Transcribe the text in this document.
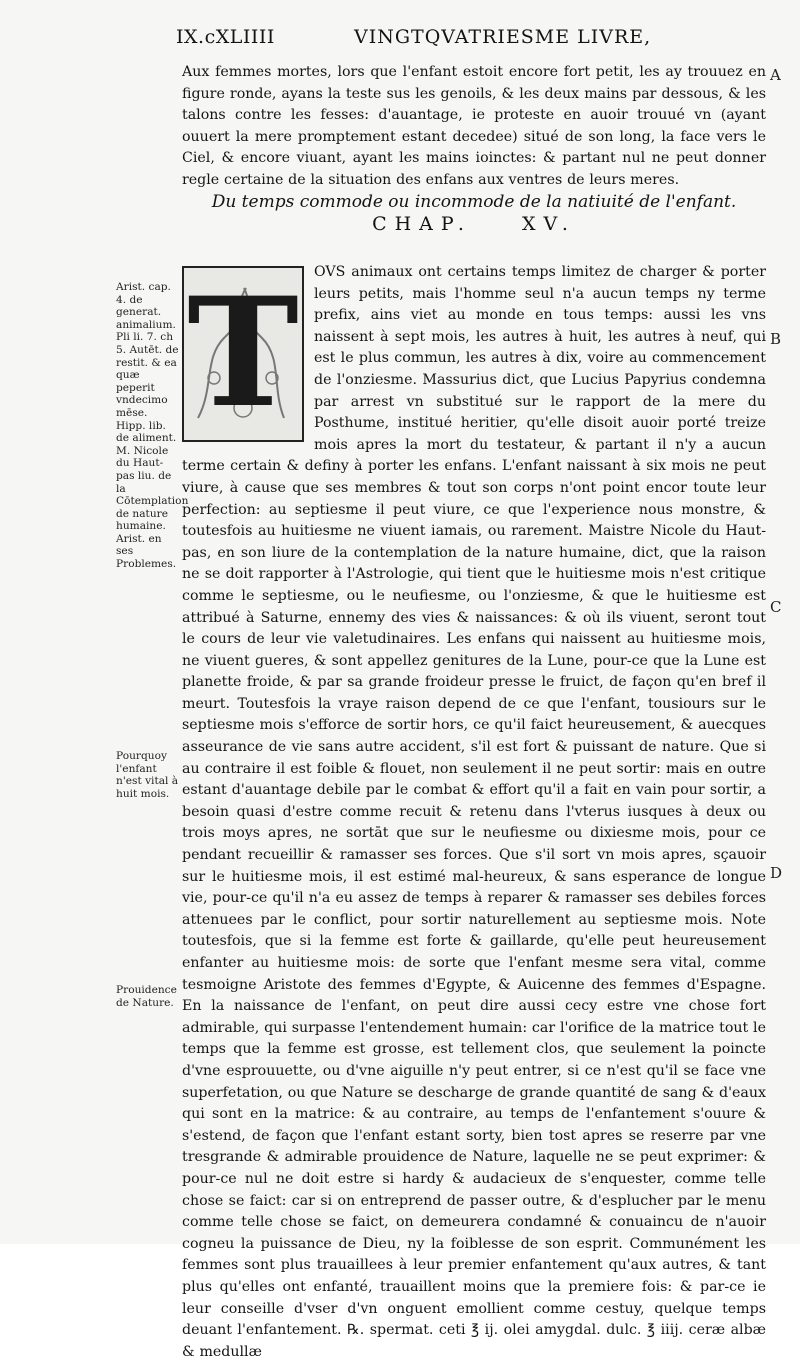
IX.cXLIIII	VINGTQVATRIESME LIVRE,
Aux femmes mortes, lors que l'enfant estoit encore fort petit, les ay trouuez en figure ronde, ayans la teste sus les genoils, & les deux mains par dessous, & les talons contre les fesses: d'auantage, ie proteste en auoir trouué vn (ayant ouuert la mere promptement estant decedee) situé de son long, la face vers le Ciel, & encore viuant, ayant les mains ioinctes: & partant nul ne peut donner regle certaine de la situation des enfans aux ventres de leurs meres.
Du temps commode ou incommode de la natiuité de l'enfant.
CHAP.	XV.
T OVS animaux ont certains temps limitez de charger & porter leurs petits, mais l'homme seul n'a aucun temps ny terme prefix, ains viet au monde en tous temps: aussi les vns naissent à sept mois, les autres à huit, les autres à neuf, qui est le plus commun, les autres à dix, voire au commencement de l'onziesme. Massurius dict, que Lucius Papyrius condemna par arrest vn substitué sur le rapport de la mere du Posthume, institué heritier, qu'elle disoit auoir porté treize mois apres la mort du testateur, & partant il n'y a aucun terme certain & definy à porter les enfans. L'enfant naissant à six mois ne peut viure, à cause que ses membres & tout son corps n'ont point encor toute leur perfection: au septiesme il peut viure, ce que l'experience nous monstre, & toutesfois au huitiesme ne viuent iamais, ou rarement. Maistre Nicole du Haut-pas, en son liure de la contemplation de la nature humaine, dict, que la raison ne se doit rapporter à l'Astrologie, qui tient que le huitiesme mois n'est critique comme le septiesme, ou le neufiesme, ou l'onziesme, & que le huitiesme est attribué à Saturne, ennemy des vies & naissances: & où ils viuent, seront tout le cours de leur vie valetudinaires. Les enfans qui naissent au huitiesme mois, ne viuent gueres, & sont appellez genitures de la Lune, pour-ce que la Lune est planette froide, & par sa grande froideur presse le fruict, de façon qu'en bref il meurt. Toutesfois la vraye raison depend de ce que l'enfant, tousiours sur le septiesme mois s'efforce de sortir hors, ce qu'il faict heureusement, & auecques asseurance de vie sans autre accident, s'il est fort & puissant de nature. Que si au contraire il est foible & flouet, non seulement il ne peut sortir: mais en outre estant d'auantage debile par le combat & effort qu'il a fait en vain pour sortir, a besoin quasi d'estre comme recuit & retenu dans l'vterus iusques à deux ou trois moys apres, ne sortāt que sur le neufiesme ou dixiesme mois, pour ce pendant recueillir & ramasser ses forces. Que s'il sort vn mois apres, sçauoir sur le huitiesme mois, il est estimé mal-heureux, & sans esperance de longue vie, pour-ce qu'il n'a eu assez de temps à reparer & ramasser ses debiles forces attenuees par le conflict, pour sortir naturellement au septiesme mois. Note toutesfois, que si la femme est forte & gaillarde, qu'elle peut heureusement enfanter au huitiesme mois: de sorte que l'enfant mesme sera vital, comme tesmoigne Aristote des femmes d'Egypte, & Auicenne des femmes d'Espagne. En la naissance de l'enfant, on peut dire aussi cecy estre vne chose fort admirable, qui surpasse l'entendement humain: car l'orifice de la matrice tout le temps que la femme est grosse, est tellement clos, que seulement la poincte d'vne esprouuette, ou d'vne aiguille n'y peut entrer, si ce n'est qu'il se face vne superfetation, ou que Nature se descharge de grande quantité de sang & d'eaux qui sont en la matrice: & au contraire, au temps de l'enfantement s'ouure & s'estend, de façon que l'enfant estant sorty, bien tost apres se reserre par vne tresgrande & admirable prouidence de Nature, laquelle ne se peut exprimer: & pour-ce nul ne doit estre si hardy & audacieux de s'enquester, comme telle chose se faict: car si on entreprend de passer outre, & d'esplucher par le menu comme telle chose se faict, on demeurera condamné & conuaincu de n'auoir cogneu la puissance de Dieu, ny la foiblesse de son esprit. Communément les femmes sont plus trauaillees à leur premier enfantement qu'aux autres, & tant plus qu'elles ont enfanté, trauaillent moins que la premiere fois: & par-ce ie leur conseille d'vser d'vn onguent emollient comme cestuy, quelque temps deuant l'enfantement. ℞. spermat. ceti ℥ ij. olei amygdal. dulc. ℥ iiij. ceræ albæ & medullæ
Arist. cap. 4. de generat. animalium. Pli li. 7. ch 5. Autēt. de restit. & ea quæ peperit vndecimo mēse. Hipp. lib. de aliment. M. Nicole du Haut-pas liu. de la Cōtemplation de nature humaine. Arist. en ses Problemes.
Pourquoy l'enfant n'est vital à huit mois.
Prouidence de Nature.
A
B
C
D
